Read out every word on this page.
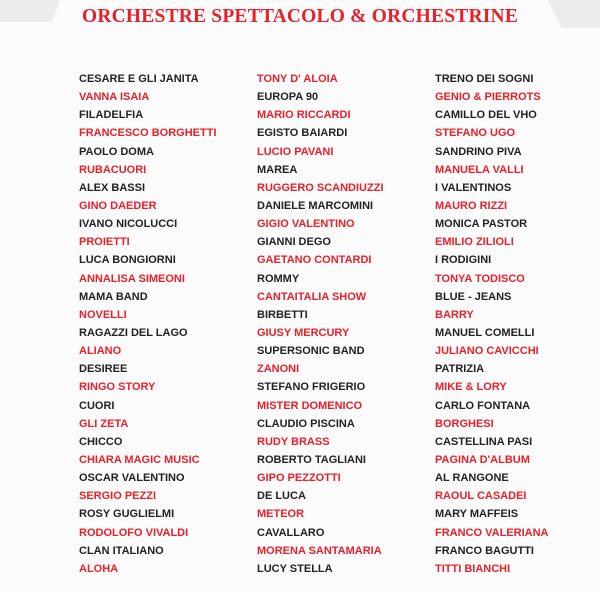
ORCHESTRE SPETTACOLO & ORCHESTRINE
CESARE E GLI JANITA
VANNA ISAIA
FILADELFIA
FRANCESCO BORGHETTI
PAOLO DOMA
RUBACUORI
ALEX BASSI
GINO DAEDER
IVANO NICOLUCCI
PROIETTI
LUCA BONGIORNI
ANNALISA SIMEONI
MAMA BAND
NOVELLI
RAGAZZI DEL LAGO
ALIANO
DESIREE
RINGO STORY
CUORI
GLI ZETA
CHICCO
CHIARA MAGIC MUSIC
OSCAR VALENTINO
SERGIO PEZZI
ROSY GUGLIELMI
RODOLOFO VIVALDI
CLAN ITALIANO
ALOHA
TONY D' ALOIA
EUROPA 90
MARIO RICCARDI
EGISTO BAIARDI
LUCIO PAVANI
MAREA
RUGGERO SCANDIUZZI
DANIELE MARCOMINI
GIGIO VALENTINO
GIANNI DEGO
GAETANO CONTARDI
ROMMY
CANTAITALIA SHOW
BIRBETTI
GIUSY MERCURY
SUPERSONIC BAND
ZANONI
STEFANO FRIGERIO
MISTER DOMENICO
CLAUDIO PISCINA
RUDY BRASS
ROBERTO TAGLIANI
GIPO PEZZOTTI
DE LUCA
METEOR
CAVALLARO
MORENA SANTAMARIA
LUCY STELLA
TRENO DEI SOGNI
GENIO & PIERROTS
CAMILLO DEL VHO
STEFANO UGO
SANDRINO PIVA
MANUELA VALLI
I VALENTINOS
MAURO RIZZI
MONICA PASTOR
EMILIO ZILIOLI
I RODIGINI
TONYA TODISCO
BLUE - JEANS
BARRY
MANUEL COMELLI
JULIANO CAVICCHI
PATRIZIA
MIKE & LORY
CARLO FONTANA
BORGHESI
CASTELLINA PASI
PAGINA D'ALBUM
AL RANGONE
RAOUL CASADEI
MARY MAFFEIS
FRANCO VALERIANA
FRANCO BAGUTTI
TITTI BIANCHI
